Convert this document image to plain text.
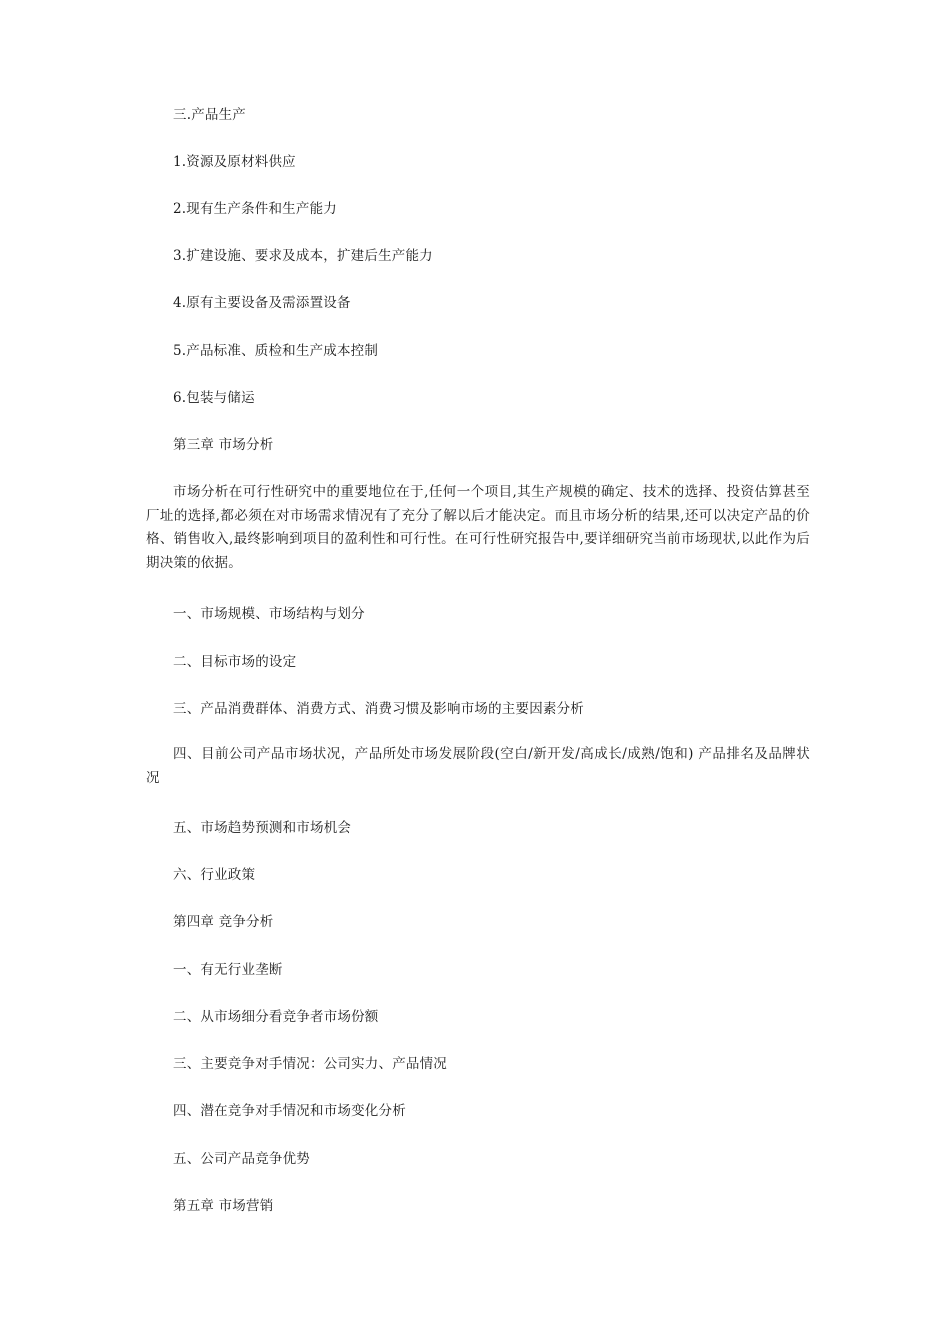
三.产品生产
1.资源及原材料供应
2.现有生产条件和生产能力
3.扩建设施、要求及成本，扩建后生产能力
4.原有主要设备及需添置设备
5.产品标准、质检和生产成本控制
6.包装与储运
第三章 市场分析
市场分析在可行性研究中的重要地位在于,任何一个项目,其生产规模的确定、技术的选择、投资估算甚至厂址的选择,都必须在对市场需求情况有了充分了解以后才能决定。而且市场分析的结果,还可以决定产品的价格、销售收入,最终影响到项目的盈利性和可行性。在可行性研究报告中,要详细研究当前市场现状,以此作为后期决策的依据。
一、市场规模、市场结构与划分
二、目标市场的设定
三、产品消费群体、消费方式、消费习惯及影响市场的主要因素分析
四、目前公司产品市场状况，产品所处市场发展阶段(空白/新开发/高成长/成熟/饱和) 产品排名及品牌状况
五、市场趋势预测和市场机会
六、行业政策
第四章 竞争分析
一、有无行业垄断
二、从市场细分看竞争者市场份额
三、主要竞争对手情况：公司实力、产品情况
四、潜在竞争对手情况和市场变化分析
五、公司产品竞争优势
第五章 市场营销
